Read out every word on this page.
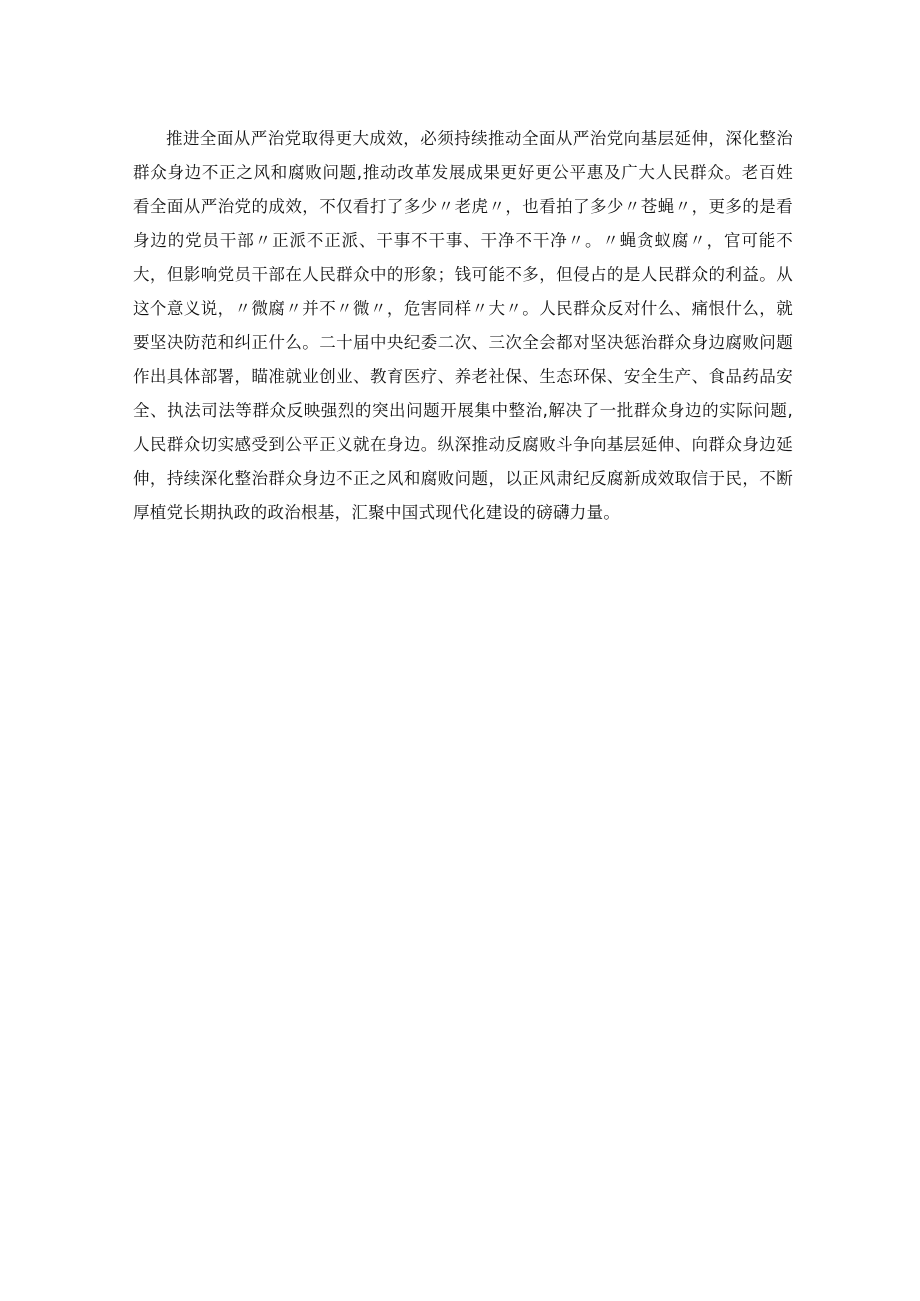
推进全面从严治党取得更大成效，必须持续推动全面从严治党向基层延伸，深化整治群众身边不正之风和腐败问题,推动改革发展成果更好更公平惠及广大人民群众。老百姓看全面从严治党的成效，不仅看打了多少〃老虎〃，也看拍了多少〃苍蝇〃，更多的是看身边的党员干部〃正派不正派、干事不干事、干净不干净〃。〃蝇贪蚁腐〃，官可能不大，但影响党员干部在人民群众中的形象；钱可能不多，但侵占的是人民群众的利益。从这个意义说，〃微腐〃并不〃微〃，危害同样〃大〃。人民群众反对什么、痛恨什么，就要坚决防范和纠正什么。二十届中央纪委二次、三次全会都对坚决惩治群众身边腐败问题作出具体部署，瞄准就业创业、教育医疗、养老社保、生态环保、安全生产、食品药品安全、执法司法等群众反映强烈的突出问题开展集中整治,解决了一批群众身边的实际问题,人民群众切实感受到公平正义就在身边。纵深推动反腐败斗争向基层延伸、向群众身边延伸，持续深化整治群众身边不正之风和腐败问题，以正风肃纪反腐新成效取信于民，不断厚植党长期执政的政治根基，汇聚中国式现代化建设的磅礴力量。
